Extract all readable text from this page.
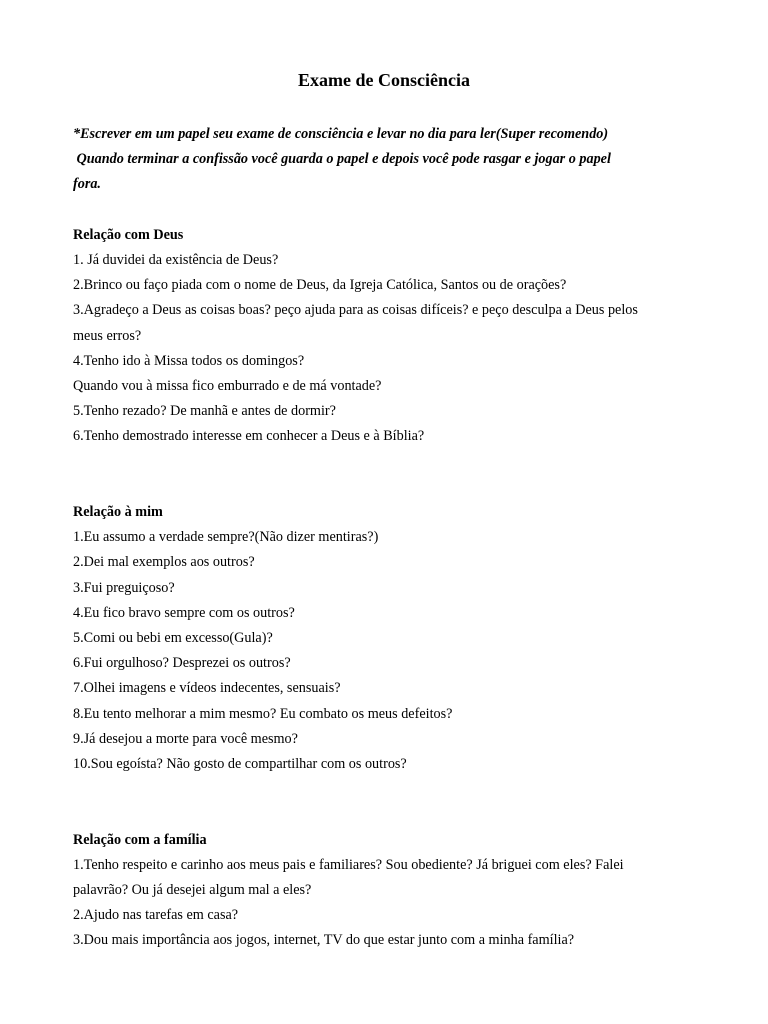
Exame de Consciência
*Escrever em um papel seu exame de consciência e levar no dia para ler(Super recomendo)
Quando terminar a confissão você guarda o papel e depois você pode rasgar e jogar o papel
fora.
Relação com Deus
1. Já duvidei da existência de Deus?
2.Brinco ou faço piada com o nome de Deus, da Igreja Católica, Santos ou de orações?
3.Agradeço a Deus as coisas boas? peço ajuda para as coisas difíceis? e peço desculpa a Deus pelos
meus erros?
4.Tenho ido à Missa todos os domingos?
Quando vou à missa fico emburrado e de má vontade?
5.Tenho rezado? De manhã e antes de dormir?
6.Tenho demostrado interesse em conhecer a Deus e à Bíblia?
Relação à mim
1.Eu assumo a verdade sempre?(Não dizer mentiras?)
2.Dei mal exemplos aos outros?
3.Fui preguiçoso?
4.Eu fico bravo sempre com os outros?
5.Comi ou bebi em excesso(Gula)?
6.Fui orgulhoso? Desprezei os outros?
7.Olhei imagens e vídeos indecentes, sensuais?
8.Eu tento melhorar a mim mesmo? Eu combato os meus defeitos?
9.Já desejou a morte para você mesmo?
10.Sou egoísta? Não gosto de compartilhar com os outros?
Relação com a família
1.Tenho respeito e carinho aos meus pais e familiares? Sou obediente? Já briguei com eles? Falei
palavrão? Ou já desejei algum mal a eles?
2.Ajudo nas tarefas em casa?
3.Dou mais importância aos jogos, internet, TV do que estar junto com a minha família?
